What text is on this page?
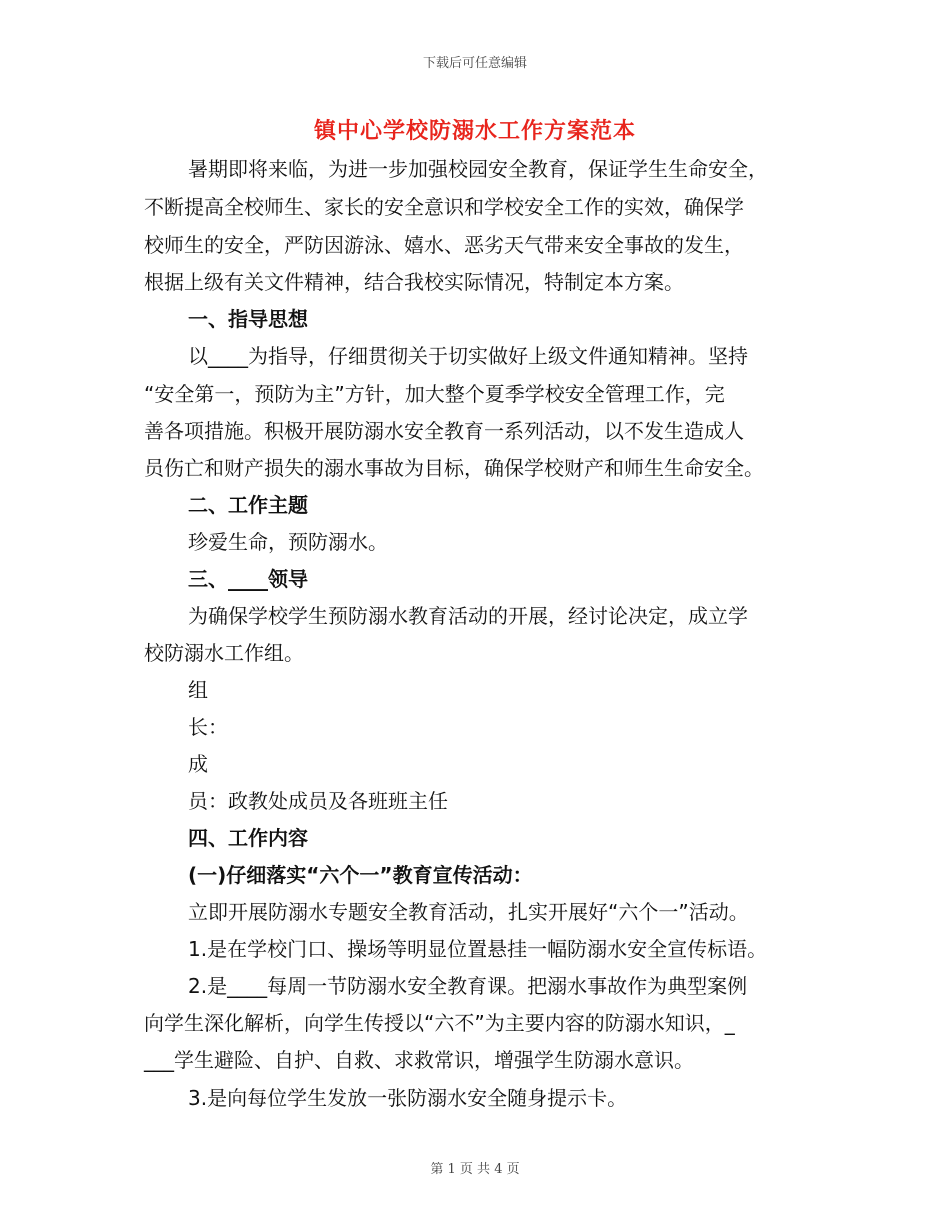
下载后可任意编辑
镇中心学校防溺水工作方案范本
暑期即将来临，为进一步加强校园安全教育，保证学生生命安全，
不断提高全校师生、家长的安全意识和学校安全工作的实效，确保学
校师生的安全，严防因游泳、嬉水、恶劣天气带来安全事故的发生，
根据上级有关文件精神，结合我校实际情况，特制定本方案。
一、指导思想
以____为指导，仔细贯彻关于切实做好上级文件通知精神。坚持
“安全第一，预防为主”方针，加大整个夏季学校安全管理工作，完
善各项措施。积极开展防溺水安全教育一系列活动，以不发生造成人
员伤亡和财产损失的溺水事故为目标，确保学校财产和师生生命安全。
二、工作主题
珍爱生命，预防溺水。
三、____领导
为确保学校学生预防溺水教育活动的开展，经讨论决定，成立学
校防溺水工作组。
组
长：
成
员：政教处成员及各班班主任
四、工作内容
(一)仔细落实“六个一”教育宣传活动：
立即开展防溺水专题安全教育活动，扎实开展好“六个一”活动。
1.是在学校门口、操场等明显位置悬挂一幅防溺水安全宣传标语。
2.是____每周一节防溺水安全教育课。把溺水事故作为典型案例
向学生深化解析，向学生传授以“六不”为主要内容的防溺水知识，_
___学生避险、自护、自救、求救常识，增强学生防溺水意识。
3.是向每位学生发放一张防溺水安全随身提示卡。
第 1 页 共 4 页
